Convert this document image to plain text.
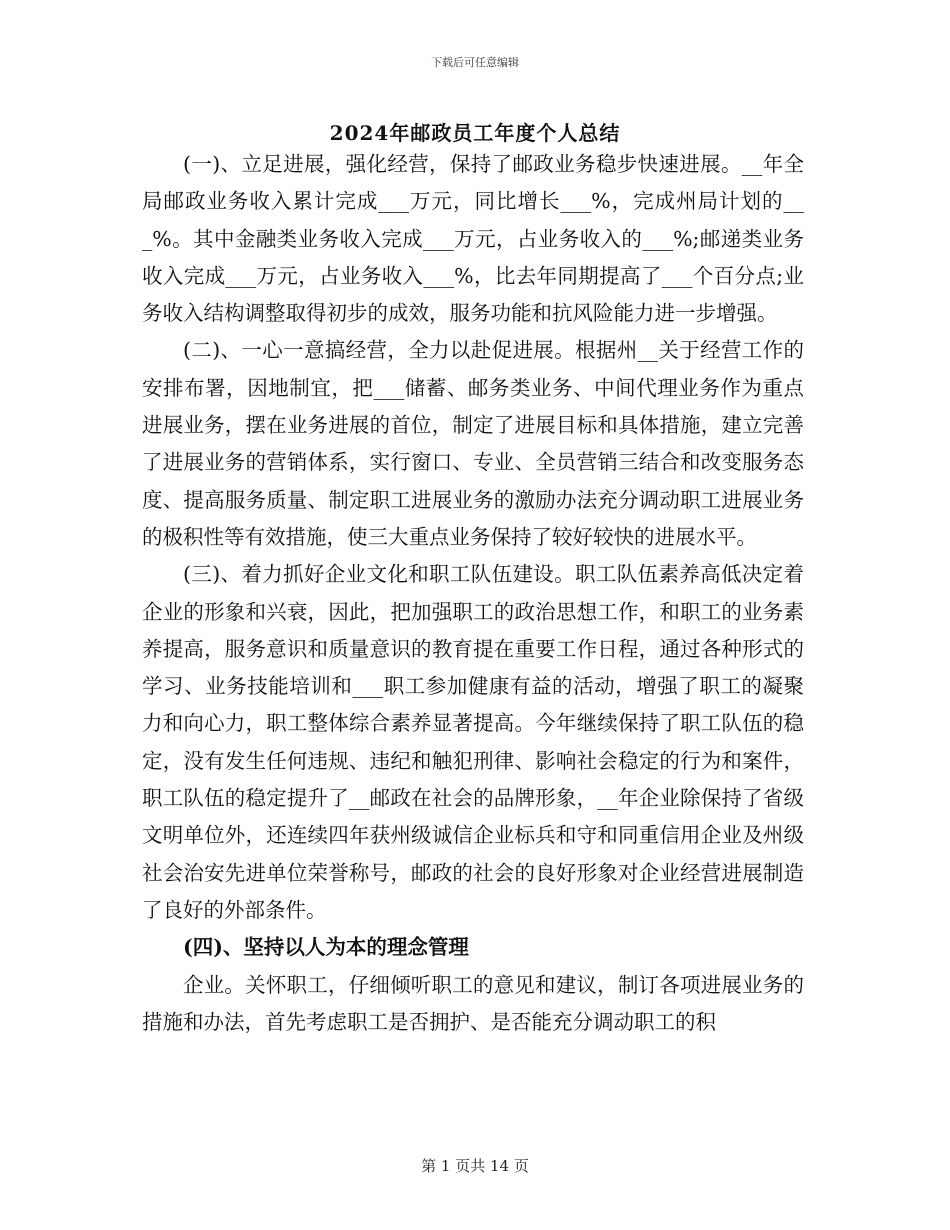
下载后可任意编辑
2024年邮政员工年度个人总结

(一)、立足进展，强化经营，保持了邮政业务稳步快速进展。__年全局邮政业务收入累计完成___万元，同比增长___%，完成州局计划的___%。其中金融类业务收入完成___万元，占业务收入的___%;邮递类业务收入完成___万元，占业务收入___%，比去年同期提高了___个百分点;业务收入结构调整取得初步的成效，服务功能和抗风险能力进一步增强。

(二)、一心一意搞经营，全力以赴促进展。根据州__关于经营工作的安排布署，因地制宜，把___储蓄、邮务类业务、中间代理业务作为重点进展业务，摆在业务进展的首位，制定了进展目标和具体措施，建立完善了进展业务的营销体系，实行窗口、专业、全员营销三结合和改变服务态度、提高服务质量、制定职工进展业务的激励办法充分调动职工进展业务的极积性等有效措施，使三大重点业务保持了较好较快的进展水平。

(三)、着力抓好企业文化和职工队伍建设。职工队伍素养高低决定着企业的形象和兴衰，因此，把加强职工的政治思想工作，和职工的业务素养提高，服务意识和质量意识的教育提在重要工作日程，通过各种形式的学习、业务技能培训和___职工参加健康有益的活动，增强了职工的凝聚力和向心力，职工整体综合素养显著提高。今年继续保持了职工队伍的稳定，没有发生任何违规、违纪和触犯刑律、影响社会稳定的行为和案件，职工队伍的稳定提升了__邮政在社会的品牌形象，__年企业除保持了省级文明单位外，还连续四年获州级诚信企业标兵和守和同重信用企业及州级社会治安先进单位荣誉称号，邮政的社会的良好形象对企业经营进展制造了良好的外部条件。

(四)、坚持以人为本的理念管理

企业。关怀职工，仔细倾听职工的意见和建议，制订各项进展业务的措施和办法，首先考虑职工是否拥护、是否能充分调动职工的积

第 1 页共 14 页
